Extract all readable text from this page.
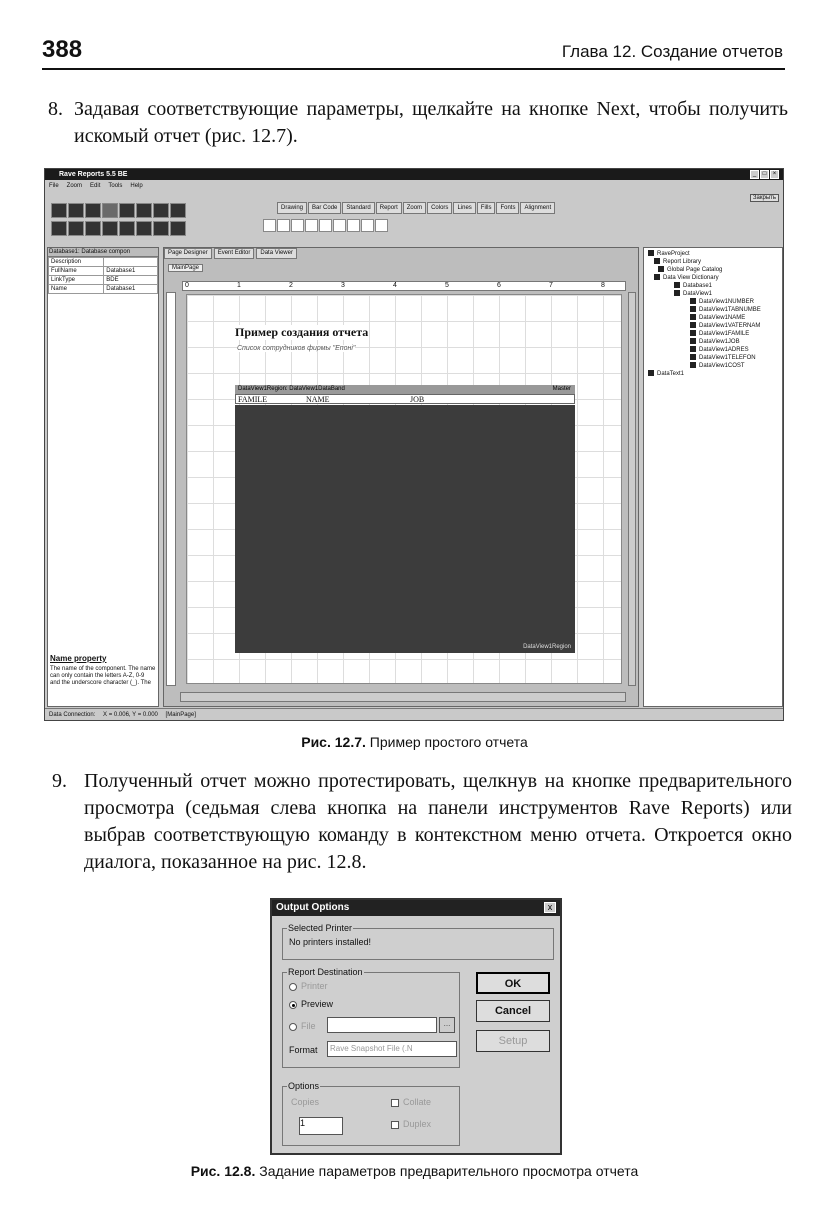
388	Глава 12. Создание отчетов
8. Задавая соответствующие параметры, щелкайте на кнопке Next, чтобы получить искомый отчет (рис. 12.7).
Rave Reports 5.5 BE	_	□	×
File Zoom Edit Tools Help
Drawing	Bar Code	Standard	Report	Zoom	Colors	Lines	Fills	Fonts	Alignment
Закрыть
Database1: Database compon
Description	
FullName	Database1
LinkType	BDE
Name	Database1
Name property
The name of the component. The name can only contain the letters A-Z, 0-9 and the underscore character (_). The
Page Designer	Event Editor	Data Viewer
MainPage
0	1	2	3	4	5	6	7	8
Пример создания отчета
Список сотрудников фирмы "Епоні"
DataView1Region: DataView1DataBand	Master
FAMILE	NAME	JOB
DataView1Region
RaveProject
Report Library
Global Page Catalog
Data View Dictionary
Database1
DataView1
DataView1NUMBER
DataView1TABNUMBE
DataView1NAME
DataView1VATERNAM
DataView1FAMILE
DataView1JOB
DataView1ADRES
DataView1TELEFON
DataView1COST
DataText1
Data Connection: X = 0.006, Y = 0.000 [MainPage]
Рис. 12.7. Пример простого отчета
9. Полученный отчет можно протестировать, щелкнув на кнопке предварительного просмотра (седьмая слева кнопка на панели инструментов Rave Reports) или выбрав соответствующую команду в контекстном меню отчета. Откроется окно диалога, показанное на рис. 12.8.
Output Options	x
Selected Printer
No printers installed!
Report Destination
Printer
Preview
File	…
Format	Rave Snapshot File (.N
OK
Cancel
Setup
Options
Copies
1
Collate
Duplex
Рис. 12.8. Задание параметров предварительного просмотра отчета
